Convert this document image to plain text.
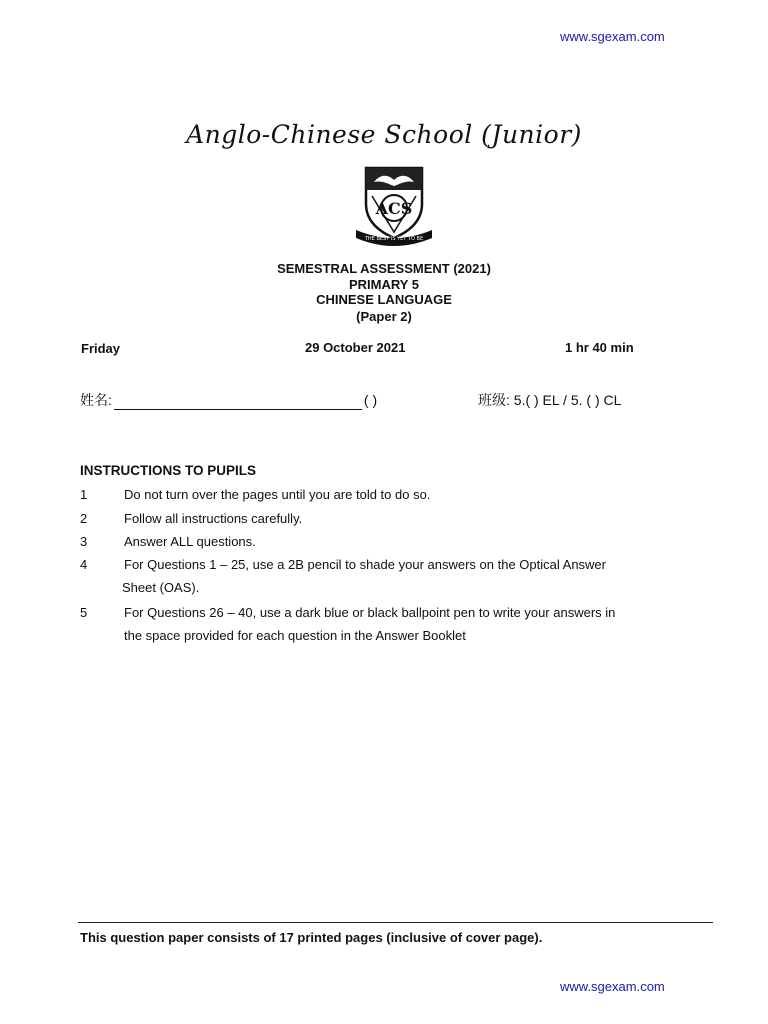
www.sgexam.com
Anglo-Chinese School (Junior)
ACS
THE BEST IS YET TO BE
SEMESTRAL ASSESSMENT (2021)
PRIMARY 5
CHINESE LANGUAGE
(Paper 2)
Friday	29 October 2021	1 hr 40 min
姓名:	( )	班级: 5.( ) EL / 5. ( ) CL
INSTRUCTIONS TO PUPILS
1	Do not turn over the pages until you are told to do so.
2	Follow all instructions carefully.
3	Answer ALL questions.
4	For Questions 1 – 25, use a 2B pencil to shade your answers on the Optical Answer
Sheet (OAS).
5	For Questions 26 – 40, use a dark blue or black ballpoint pen to write your answers in
the space provided for each question in the Answer Booklet
This question paper consists of 17 printed pages (inclusive of cover page).
www.sgexam.com
